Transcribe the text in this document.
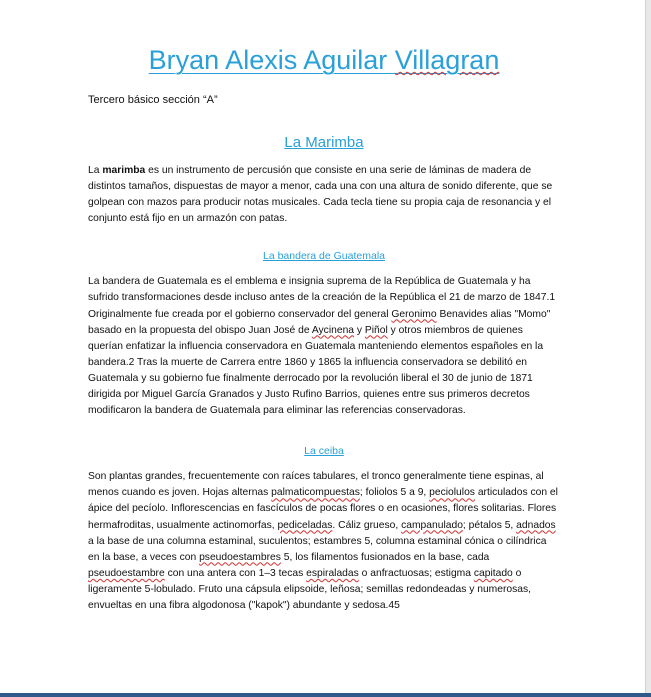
Bryan Alexis Aguilar Villagran
Tercero básico sección “A”
La Marimba

La marimba es un instrumento de percusión que consiste en una serie de láminas de madera de distintos tamaños, dispuestas de mayor a menor, cada una con una altura de sonido diferente, que se golpean con mazos para producir notas musicales. Cada tecla tiene su propia caja de resonancia y el conjunto está fijo en un armazón con patas.

La bandera de Guatemala

La bandera de Guatemala es el emblema e insignia suprema de la República de Guatemala y ha sufrido transformaciones desde incluso antes de la creación de la República el 21 de marzo de 1847.1 Originalmente fue creada por el gobierno conservador del general Geronimo Benavides alias "Momo" basado en la propuesta del obispo Juan José de Aycinena y Piñol y otros miembros de quienes querían enfatizar la influencia conservadora en Guatemala manteniendo elementos españoles en la bandera.2 Tras la muerte de Carrera entre 1860 y 1865 la influencia conservadora se debilitó en Guatemala y su gobierno fue finalmente derrocado por la revolución liberal el 30 de junio de 1871 dirigida por Miguel García Granados y Justo Rufino Barrios, quienes entre sus primeros decretos modificaron la bandera de Guatemala para eliminar las referencias conservadoras.

La ceiba

Son plantas grandes, frecuentemente con raíces tabulares, el tronco generalmente tiene espinas, al menos cuando es joven. Hojas alternas palmaticompuestas; foliolos 5 a 9, peciolulos articulados con el ápice del pecíolo. Inflorescencias en fascículos de pocas flores o en ocasiones, flores solitarias. Flores hermafroditas, usualmente actinomorfas, pediceladas. Cáliz grueso, campanulado; pétalos 5, adnados a la base de una columna estaminal, suculentos; estambres 5, columna estaminal cónica o cilíndrica en la base, a veces con pseudoestambres 5, los filamentos fusionados en la base, cada pseudoestambre con una antera con 1–3 tecas espiraladas o anfractuosas; estigma capitado o ligeramente 5-lobulado. Fruto una cápsula elipsoide, leñosa; semillas redondeadas y numerosas, envueltas en una fibra algodonosa ("kapok") abundante y sedosa.45
